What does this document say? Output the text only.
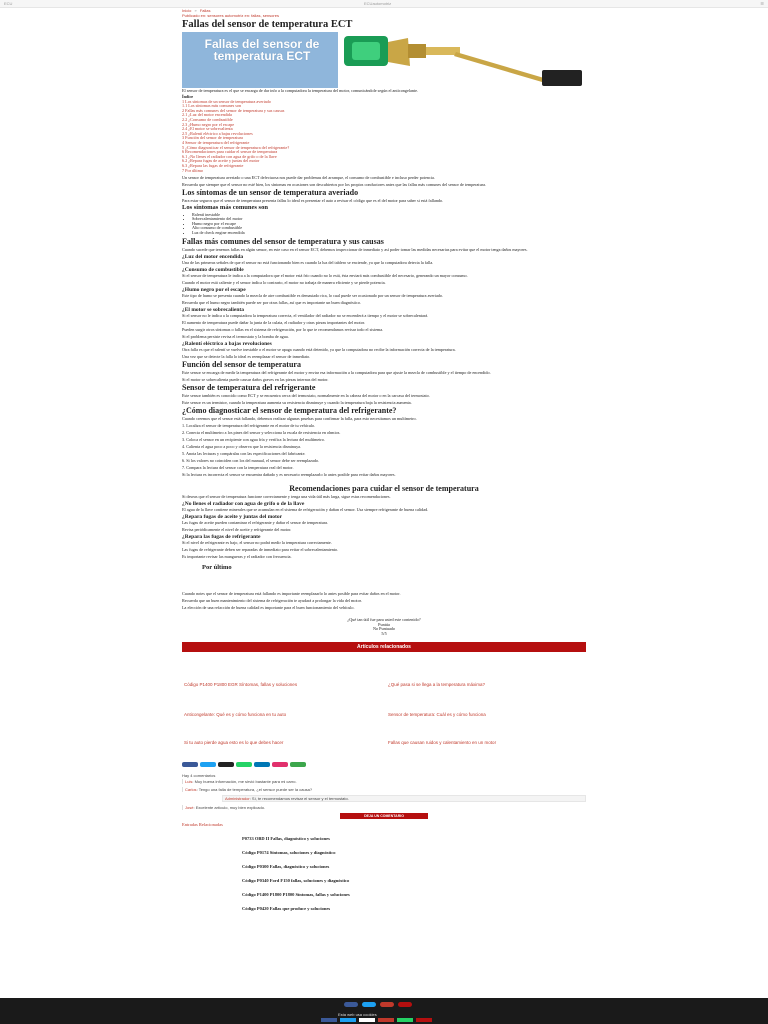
ECU	ECUautomotriz	☰
Inicio » Fallas
Publicado en: sensores automotriz en: fallas, sensores
Fallas del sensor de temperatura ECT
Fallas del sensor de temperatura ECT

El sensor de temperatura es el que se encarga de dar info a la computadora la temperatura del motor, comunicándole según el anticongelante.

Índice
1 Los síntomas de un sensor de temperatura averiado
1.1 Los síntomas más comunes son
2 Fallas más comunes del sensor de temperatura y sus causas
2.1 ¿Luz del motor encendida
2.2 ¿Consumo de combustible
2.3 ¿Humo negro por el escape
2.4 ¿El motor se sobrecalienta
2.5 ¿Ralentí eléctrico a bajas revoluciones
3 Función del sensor de temperatura
4 Sensor de temperatura del refrigerante
5 ¿Cómo diagnosticar el sensor de temperatura del refrigerante?
6 Recomendaciones para cuidar el sensor de temperatura
6.1 ¿No llenes el radiador con agua de grifo o de la llave
6.2 ¿Repara fugas de aceite y juntas del motor
6.3 ¿Repara las fugas de refrigerante
7 Por último

Un sensor de temperatura averiado o una ECT defectuosa nos puede dar problemas del arranque, el consumo de combustible e incluso perder potencia.

Recuerda que siempre que el sensor no esté bien, los síntomas en ocasiones son descubiertos por los propios conductores antes que las fallas más comunes del sensor de temperatura.

Los síntomas de un sensor de temperatura averiado

Para estar seguros que el sensor de temperatura presenta fallas lo ideal es presentar el auto a revisar el código que es el del motor para saber si está fallando.

Los síntomas más comunes son
• Ralentí inestable
• Sobrecalentamiento del motor
• Humo negro por el escape
• Alto consumo de combustible
• Luz de check engine encendida
Fallas más comunes del sensor de temperatura y sus causas

Cuando sucede que tenemos fallas en algún sensor, en este caso en el sensor ECT, debemos inspeccionar de inmediato y así poder tomar las medidas necesarias para evitar que el motor tenga daños mayores.

¿Luz del motor encendida

Una de las primeras señales de que el sensor no está funcionando bien es cuando la luz del tablero se enciende, ya que la computadora detecta la falla.

¿Consumo de combustible

Si el sensor de temperatura le indica a la computadora que el motor está frío cuando no lo está, ésta enviará más combustible del necesario, generando un mayor consumo.

Cuando el motor está caliente y el sensor indica lo contrario, el motor no trabaja de manera eficiente y se pierde potencia.

¿Humo negro por el escape

Este tipo de humo se presenta cuando la mezcla de aire combustible es demasiado rica, lo cual puede ser ocasionado por un sensor de temperatura averiado.

Recuerda que el humo negro también puede ser por otras fallas, así que es importante un buen diagnóstico.

¿El motor se sobrecalienta

Si el sensor no le indica a la computadora la temperatura correcta, el ventilador del radiador no se encenderá a tiempo y el motor se sobrecalentará.

El aumento de temperatura puede dañar la junta de la culata, el radiador y otras piezas importantes del motor.

Pueden surgir otros síntomas o fallas en el sistema de refrigeración, por lo que te recomendamos revisar todo el sistema.

Si el problema persiste revisa el termostato y la bomba de agua.

¿Ralentí eléctrico a bajas revoluciones

Otra falla es que el ralentí se vuelve inestable o el motor se apaga cuando está detenido, ya que la computadora no recibe la información correcta de la temperatura.

Una vez que se detecte la falla lo ideal es reemplazar el sensor de inmediato.

Función del sensor de temperatura

Este sensor se encarga de medir la temperatura del refrigerante del motor y enviar esa información a la computadora para que ajuste la mezcla de combustible y el tiempo de encendido.

Si el motor se sobrecalienta puede causar daños graves en las piezas internas del motor.

Sensor de temperatura del refrigerante

Este sensor también es conocido como ECT y se encuentra cerca del termostato, normalmente en la cabeza del motor o en la carcasa del termostato.

Este sensor es un termistor, cuando la temperatura aumenta su resistencia disminuye y cuando la temperatura baja la resistencia aumenta.

¿Cómo diagnosticar el sensor de temperatura del refrigerante?

Cuando creemos que el sensor está fallando, debemos realizar algunas pruebas para confirmar la falla, para esto necesitamos un multímetro.

1. Localiza el sensor de temperatura del refrigerante en el motor de tu vehículo.

2. Conecta el multímetro a los pines del sensor y selecciona la escala de resistencia en ohmios.

3. Coloca el sensor en un recipiente con agua fría y verifica la lectura del multímetro.

4. Calienta el agua poco a poco y observa que la resistencia disminuya.

5. Anota las lecturas y compáralas con las especificaciones del fabricante.

6. Si los valores no coinciden con los del manual, el sensor debe ser reemplazado.

7. Compara la lectura del sensor con la temperatura real del motor.

Si la lectura es incorrecta el sensor se encuentra dañado y es necesario reemplazarlo lo antes posible para evitar daños mayores.

Recomendaciones para cuidar el sensor de temperatura

Si deseas que el sensor de temperatura funcione correctamente y tenga una vida útil más larga, sigue estas recomendaciones.

¿No llenes el radiador con agua de grifo o de la llave

El agua de la llave contiene minerales que se acumulan en el sistema de refrigeración y dañan el sensor. Usa siempre refrigerante de buena calidad.

¿Repara fugas de aceite y juntas del motor

Las fugas de aceite pueden contaminar el refrigerante y dañar el sensor de temperatura.

Revisa periódicamente el nivel de aceite y refrigerante del motor.

¿Repara las fugas de refrigerante

Si el nivel de refrigerante es bajo, el sensor no podrá medir la temperatura correctamente.

Las fugas de refrigerante deben ser reparadas de inmediato para evitar el sobrecalentamiento.

Es importante revisar las mangueras y el radiador con frecuencia.

Por último

Cuando notes que el sensor de temperatura está fallando es importante reemplazarlo lo antes posible para evitar daños en el motor.

Recuerda que un buen mantenimiento del sistema de refrigeración te ayudará a prolongar la vida del motor.

La elección de una refacción de buena calidad es importante para el buen funcionamiento del vehículo.

¿Qué tan útil fue para usted este contenido?
Puntúa
No Puntuado
5/5
Artículos relacionados
Código P1400 P1800 EGR Síntomas, fallas y soluciones	¿Qué pasa si se llega a la temperatura máxima?
Anticongelante: Qué es y cómo funciona en tu auto	Sensor de temperatura: Cuál es y cómo funciona
Si tu auto pierde agua esto es lo que debes hacer	Fallas que causan ruidos y calentamiento en un motor
Hay 4 comentarios
Luis: Muy buena información, me sirvió bastante para mi carro.
Carlos: Tengo una falla de temperatura, ¿el sensor puede ser la causa?
Administrador: Sí, te recomendamos revisar el sensor y el termostato.
José: Excelente artículo, muy bien explicado.
DEJA UN COMENTARIO
Entradas Relacionadas
P0733 OBD II Fallas, diagnóstico y soluciones
Código P0174 Síntomas, soluciones y diagnóstico
Código P0300 Fallas, diagnóstico y soluciones
Código P0340 Ford F150 fallas, soluciones y diagnóstico
Código P1400 P1800 P1800 Síntomas, fallas y soluciones
Código P0420 Fallas que produce y soluciones
Esta web usa cookies
